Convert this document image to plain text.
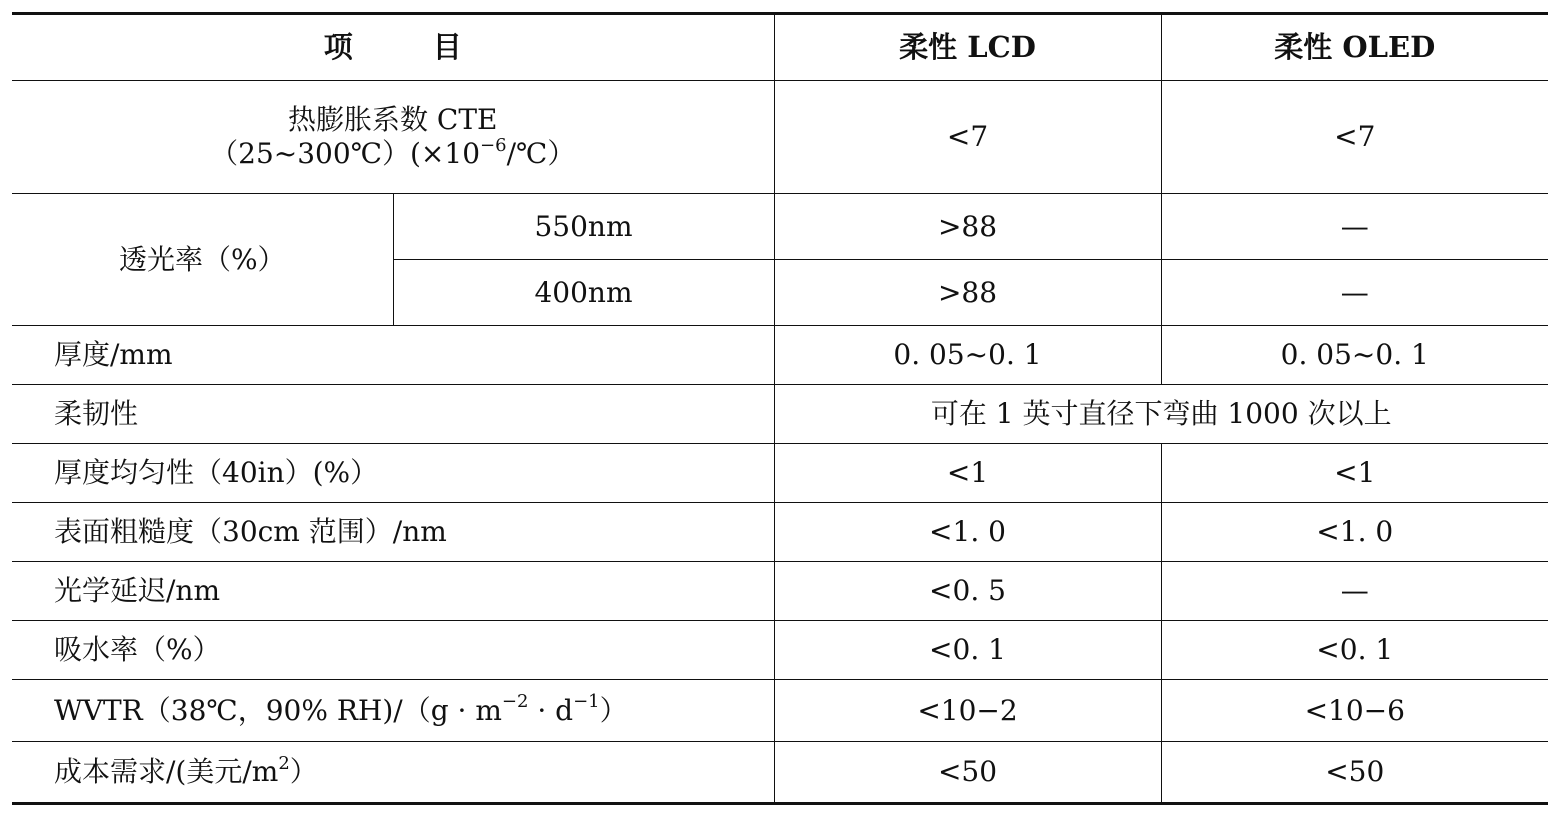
项 目		柔性 LCD	柔性 OLED

热膨胀系数 CTE
$(25\sim 300℃)(\times 10^{-6}/℃)$		<7	<7
透光率（%）	550nm	>88	—
	400nm	>88	—
厚度/mm		0. 05~0. 1	0. 05~0. 1
柔韧性		可在 1 英寸直径下弯曲 1000 次以上	
厚度均匀性（40in）(%）		<1	<1
表面粗糙度（30cm 范围）/nm		<1. 0	<1. 0
光学延迟/nm		<0. 5	—
吸水率（%）		<0. 1	<0. 1
WVTR（38℃，90% $RH)/(g \cdot m^{-2} \cdot d^{-1})$		<10−2	<10−6
成本需求/(美元$/m^2$）		<50	<50
